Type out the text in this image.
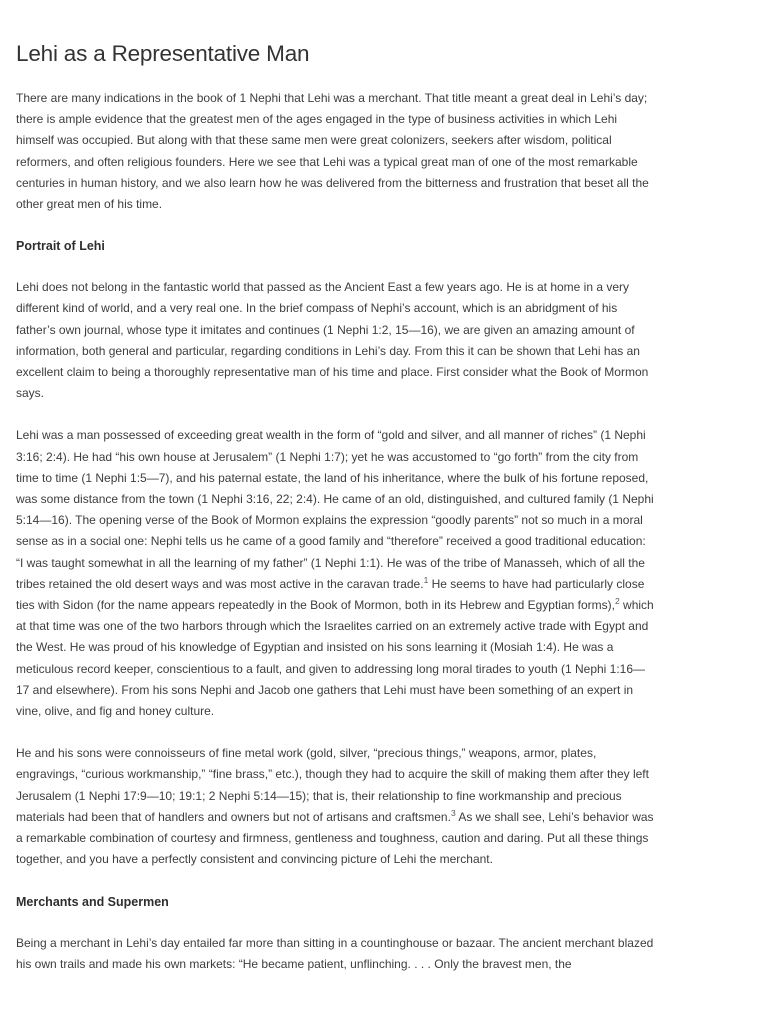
Lehi as a Representative Man

There are many indications in the book of 1 Nephi that Lehi was a merchant. That title meant a great deal in Lehi’s day; there is ample evidence that the greatest men of the ages engaged in the type of business activities in which Lehi himself was occupied. But along with that these same men were great colonizers, seekers after wisdom, political reformers, and often religious founders. Here we see that Lehi was a typical great man of one of the most remarkable centuries in human history, and we also learn how he was delivered from the bitterness and frustration that beset all the other great men of his time.

Portrait of Lehi

Lehi does not belong in the fantastic world that passed as the Ancient East a few years ago. He is at home in a very different kind of world, and a very real one. In the brief compass of Nephi’s account, which is an abridgment of his father’s own journal, whose type it imitates and continues (1 Nephi 1:2, 15—16), we are given an amazing amount of information, both general and particular, regarding conditions in Lehi’s day. From this it can be shown that Lehi has an excellent claim to being a thoroughly representative man of his time and place. First consider what the Book of Mormon says.

Lehi was a man possessed of exceeding great wealth in the form of “gold and silver, and all manner of riches” (1 Nephi 3:16; 2:4). He had “his own house at Jerusalem” (1 Nephi 1:7); yet he was accustomed to “go forth” from the city from time to time (1 Nephi 1:5—7), and his paternal estate, the land of his inheritance, where the bulk of his fortune reposed, was some distance from the town (1 Nephi 3:16, 22; 2:4). He came of an old, distinguished, and cultured family (1 Nephi 5:14—16). The opening verse of the Book of Mormon explains the expression “goodly parents” not so much in a moral sense as in a social one: Nephi tells us he came of a good family and “therefore” received a good traditional education: “I was taught somewhat in all the learning of my father” (1 Nephi 1:1). He was of the tribe of Manasseh, which of all the tribes retained the old desert ways and was most active in the caravan trade.$^1$ He seems to have had particularly close ties with Sidon (for the name appears repeatedly in the Book of Mormon, both in its Hebrew and Egyptian forms),$^2$ which at that time was one of the two harbors through which the Israelites carried on an extremely active trade with Egypt and the West. He was proud of his knowledge of Egyptian and insisted on his sons learning it (Mosiah 1:4). He was a meticulous record keeper, conscientious to a fault, and given to addressing long moral tirades to youth (1 Nephi 1:16—17 and elsewhere). From his sons Nephi and Jacob one gathers that Lehi must have been something of an expert in vine, olive, and fig and honey culture.

He and his sons were connoisseurs of fine metal work (gold, silver, “precious things,” weapons, armor, plates, engravings, “curious workmanship,” “fine brass,” etc.), though they had to acquire the skill of making them after they left Jerusalem (1 Nephi 17:9—10; 19:1; 2 Nephi 5:14—15); that is, their relationship to fine workmanship and precious materials had been that of handlers and owners but not of artisans and craftsmen.$^3$ As we shall see, Lehi’s behavior was a remarkable combination of courtesy and firmness, gentleness and toughness, caution and daring. Put all these things together, and you have a perfectly consistent and convincing picture of Lehi the merchant.

Merchants and Supermen

Being a merchant in Lehi’s day entailed far more than sitting in a countinghouse or bazaar. The ancient merchant blazed his own trails and made his own markets: “He became patient, unflinching. . . . Only the bravest men, the
